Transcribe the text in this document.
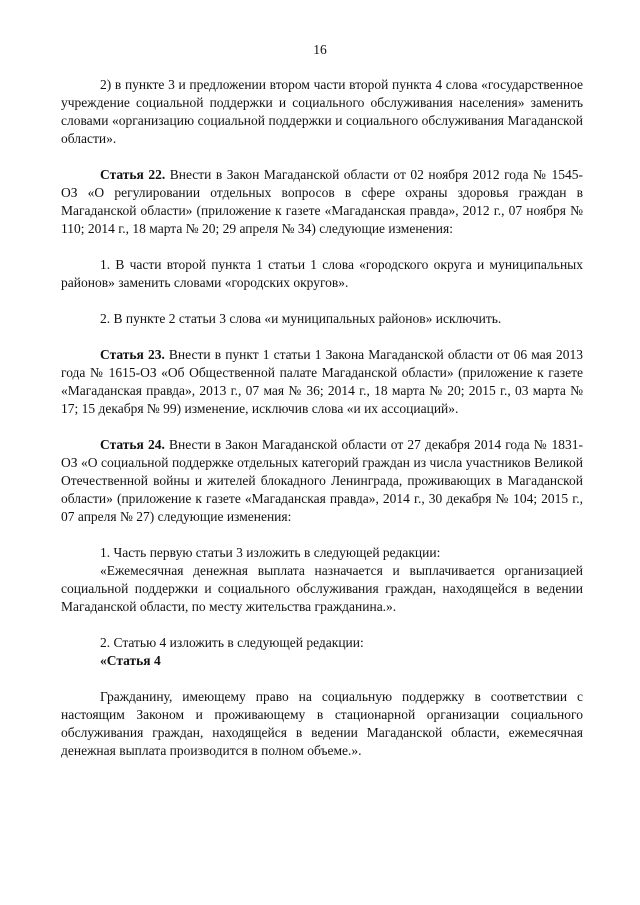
16

2) в пункте 3 и предложении втором части второй пункта 4 слова «государственное учреждение социальной поддержки и социального обслуживания населения» заменить словами «организацию социальной поддержки и социального обслуживания Магаданской области».

Статья 22. Внести в Закон Магаданской области от 02 ноября 2012 года № 1545-ОЗ «О регулировании отдельных вопросов в сфере охраны здоровья граждан в Магаданской области» (приложение к газете «Магаданская правда», 2012 г., 07 ноября № 110; 2014 г., 18 марта № 20; 29 апреля № 34) следующие изменения:

1. В части второй пункта 1 статьи 1 слова «городского округа и муниципальных районов» заменить словами «городских округов».

2. В пункте 2 статьи 3 слова «и муниципальных районов» исключить.

Статья 23. Внести в пункт 1 статьи 1 Закона Магаданской области от 06 мая 2013 года № 1615-ОЗ «Об Общественной палате Магаданской области» (приложение к газете «Магаданская правда», 2013 г., 07 мая № 36; 2014 г., 18 марта № 20; 2015 г., 03 марта № 17; 15 декабря № 99) изменение, исключив слова «и их ассоциаций».

Статья 24. Внести в Закон Магаданской области от 27 декабря 2014 года № 1831-ОЗ «О социальной поддержке отдельных категорий граждан из числа участников Великой Отечественной войны и жителей блокадного Ленинграда, проживающих в Магаданской области» (приложение к газете «Магаданская правда», 2014 г., 30 декабря № 104; 2015 г., 07 апреля № 27) следующие изменения:

1. Часть первую статьи 3 изложить в следующей редакции:

«Ежемесячная денежная выплата назначается и выплачивается организацией социальной поддержки и социального обслуживания граждан, находящейся в ведении Магаданской области, по месту жительства гражданина.».

2. Статью 4 изложить в следующей редакции:

«Статья 4

Гражданину, имеющему право на социальную поддержку в соответствии с настоящим Законом и проживающему в стационарной организации социального обслуживания граждан, находящейся в ведении Магаданской области, ежемесячная денежная выплата производится в полном объеме.».
